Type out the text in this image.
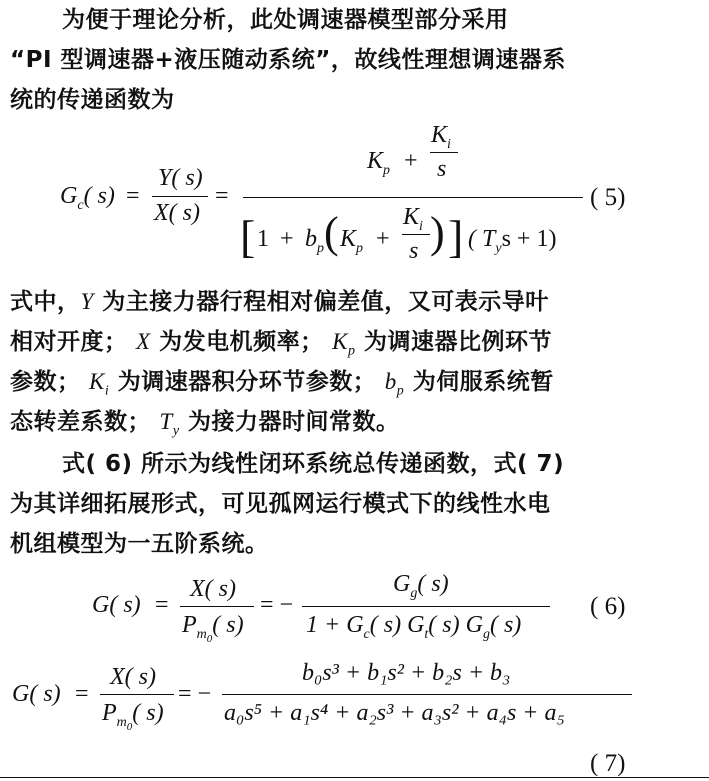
为便于理论分析，此处调速器模型部分采用
“PI 型调速器+液压随动系统”，故线性理想调速器系
统的传递函数为
$G_c$( s) =
Y( s)
X( s)
=
$K_p$ +
$K_i$
s
[ $1 + b_p$ ( $K_p$ +
$K_i$
s ) ] ( $T_ys + 1$)
( 5)
式中，Y 为主接力器行程相对偏差值，又可表示导叶
相对开度； X 为发电机频率； $K_p$ 为调速器比例环节
参数； $K_i$ 为调速器积分环节参数； $b_p$ 为伺服系统暂
态转差系数； $T_y$ 为接力器时间常数。
式( 6) 所示为线性闭环系统总传递函数，式( 7)
为其详细拓展形式，可见孤网运行模式下的线性水电
机组模型为一五阶系统。
G( s) =
X( s)
$P_{m_0}$( s)
= −
$G_g$( s)
$1 + G_c$( s) $G_t$( s) $G_g$( s)
( 6)
G( s) =
X( s)
$P_{m_0}$( s)
= −
b₀s³ + b₁s² + b₂s + b₃
a₀s⁵ + a₁s⁴ + a₂s³ + a₃s² + a₄s + a₅
( 7)
